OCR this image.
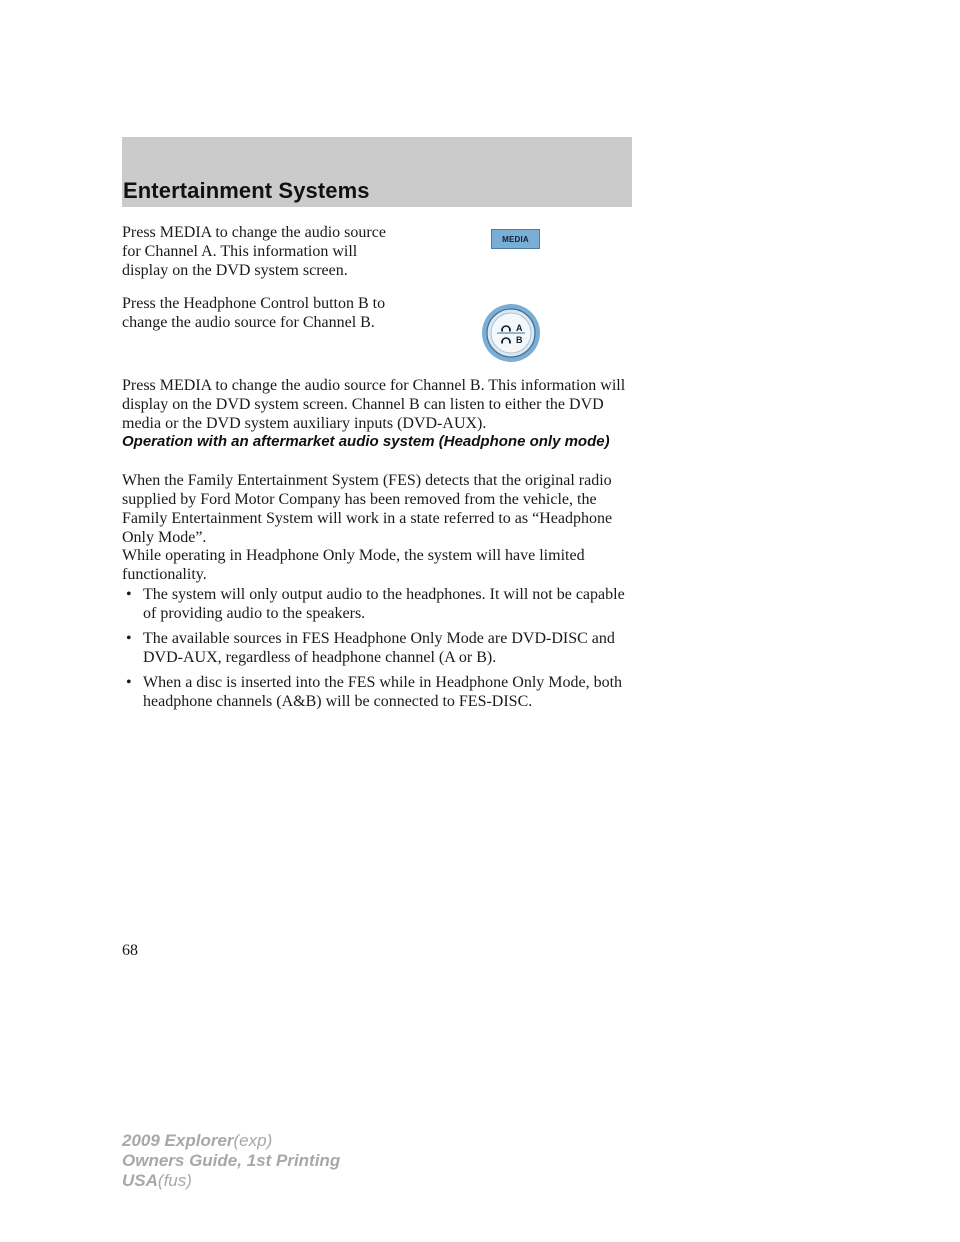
Entertainment Systems

Press MEDIA to change the audio source for Channel A. This information will display on the DVD system screen.

MEDIA

Press the Headphone Control button B to change the audio source for Channel B.	A
B

Press MEDIA to change the audio source for Channel B. This information will display on the DVD system screen. Channel B can listen to either the DVD media or the DVD system auxiliary inputs (DVD-AUX).

Operation with an aftermarket audio system (Headphone only mode)

When the Family Entertainment System (FES) detects that the original radio supplied by Ford Motor Company has been removed from the vehicle, the Family Entertainment System will work in a state referred to as “Headphone Only Mode”.

While operating in Headphone Only Mode, the system will have limited functionality.

• The system will only output audio to the headphones. It will not be capable of providing audio to the speakers.
• The available sources in FES Headphone Only Mode are DVD-DISC and DVD-AUX, regardless of headphone channel (A or B).
• When a disc is inserted into the FES while in Headphone Only Mode, both headphone channels (A&B) will be connected to FES-DISC.

68

2009 Explorer(exp)
Owners Guide, 1st Printing
USA(fus)
